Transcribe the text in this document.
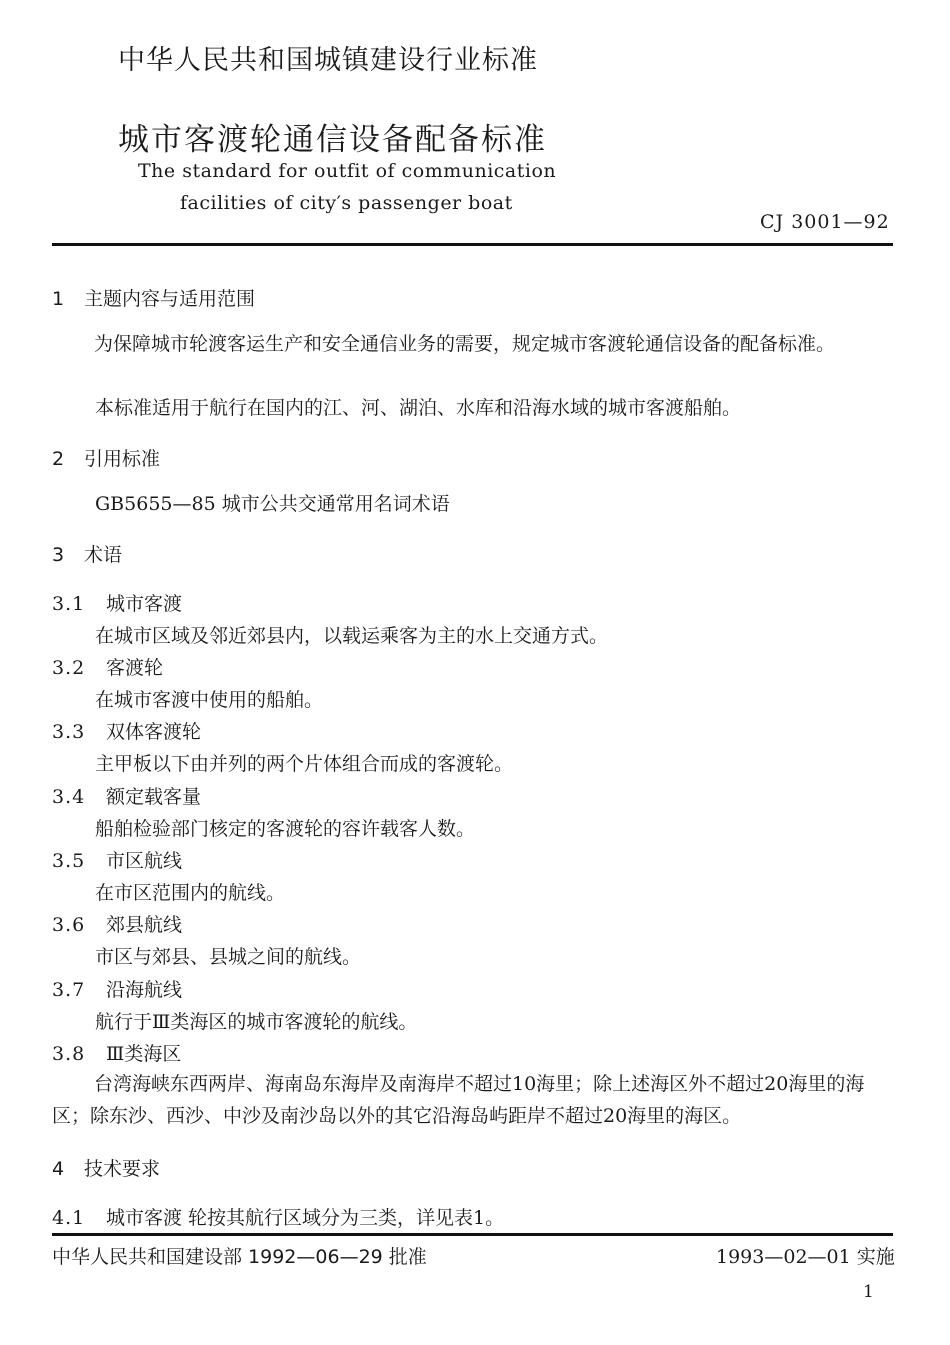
中华人民共和国城镇建设行业标准

城市客渡轮通信设备配备标准

The standard for outfit of communication

facilities of city′s passenger boat

CJ 3001—92

1 主题内容与适用范围

为保障城市轮渡客运生产和安全通信业务的需要，规定城市客渡轮通信设备的配备标准。

本标准适用于航行在国内的江、河、湖泊、水库和沿海水域的城市客渡船舶。

2 引用标准

GB5655—85 城市公共交通常用名词术语

3 术语

3.1 城市客渡

在城市区域及邻近郊县内，以载运乘客为主的水上交通方式。

3.2 客渡轮

在城市客渡中使用的船舶。

3.3 双体客渡轮

主甲板以下由并列的两个片体组合而成的客渡轮。

3.4 额定载客量

船舶检验部门核定的客渡轮的容许载客人数。

3.5 市区航线

在市区范围内的航线。

3.6 郊县航线

市区与郊县、县城之间的航线。

3.7 沿海航线

航行于Ⅲ类海区的城市客渡轮的航线。

3.8 Ⅲ类海区

台湾海峡东西两岸、海南岛东海岸及南海岸不超过10海里；除上述海区外不超过20海里的海区；除东沙、西沙、中沙及南沙岛以外的其它沿海岛屿距岸不超过20海里的海区。

4 技术要求

4.1 城市客渡 轮按其航行区域分为三类，详见表1。

中华人民共和国建设部 1992—06—29 批准	1993—02—01 实施

1
